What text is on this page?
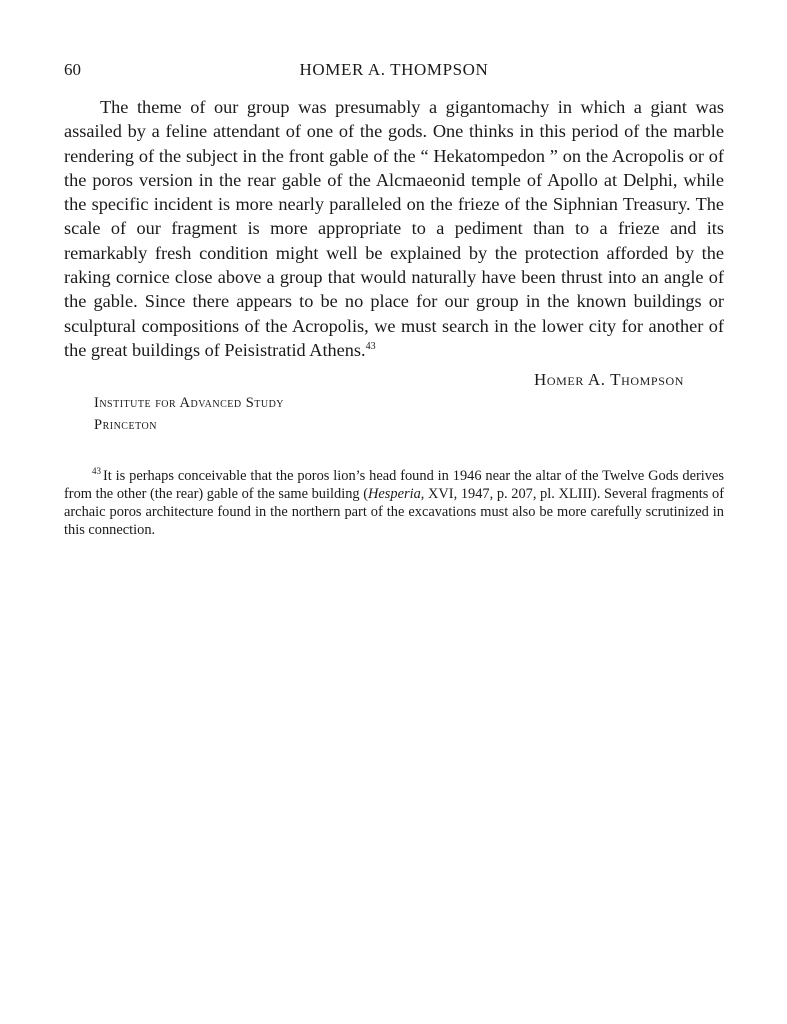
60	HOMER A. THOMPSON

The theme of our group was presumably a gigantomachy in which a giant was assailed by a feline attendant of one of the gods. One thinks in this period of the marble rendering of the subject in the front gable of the “ Hekatompedon ” on the Acropolis or of the poros version in the rear gable of the Alcmaeonid temple of Apollo at Delphi, while the specific incident is more nearly paralleled on the frieze of the Siphnian Treasury. The scale of our fragment is more appropriate to a pediment than to a frieze and its remarkably fresh condition might well be explained by the protection afforded by the raking cornice close above a group that would naturally have been thrust into an angle of the gable. Since there appears to be no place for our group in the known buildings or sculptural compositions of the Acropolis, we must search in the lower city for another of the great buildings of Peisistratid Athens.$^{43}$

Homer A. Thompson
Institute for Advanced Study
Princeton

$^{43}$ It is perhaps conceivable that the poros lion’s head found in 1946 near the altar of the Twelve Gods derives from the other (the rear) gable of the same building (Hesperia, XVI, 1947, p. 207, pl. XLIII). Several fragments of archaic poros architecture found in the northern part of the excavations must also be more carefully scrutinized in this connection.
